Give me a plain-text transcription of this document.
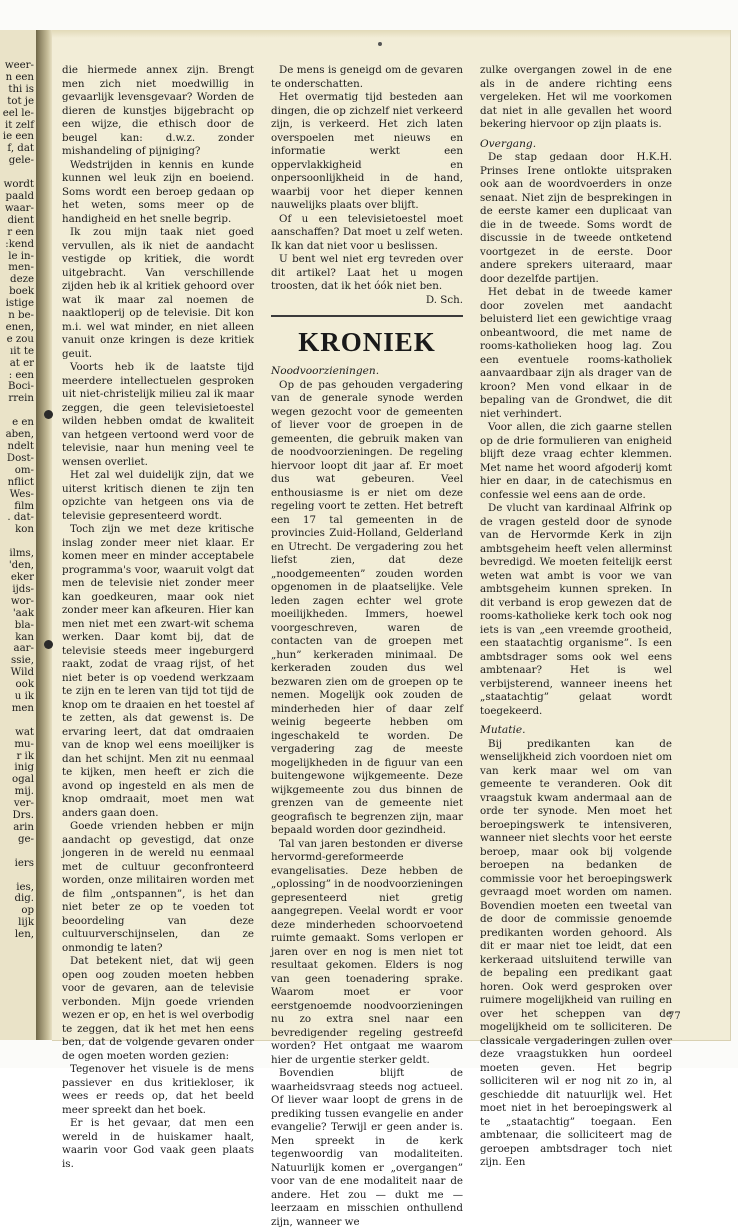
weer-
n een
thi is
tot je
eel le-
it zelf
ie een
f, dat
gele-

wordt
paald
waar-
dient
r een
:kend
le in-
men-
deze
boek
istige
n be-
enen,
e zou
ıit te
at er
: een
Boci-
rrein

e en
aben,
ndelt
Dost-
om-
nflict
Wes-
film
. dat-
kon

ilms,
'den,
eker
ijds-
wor-
'aak
bla-
kan
aar-
ssie,
Wild
ook
u ik
men

wat
mu-
r ik
inig
ogal
mij.
ver-
Drs.
arin
ge-

iers

ies,
dig.
op
lijk
len,

die hiermede annex zijn. Brengt men zich niet moedwillig in gevaarlijk levensgevaar? Worden de dieren de kunstjes bijgebracht op een wijze, die ethisch door de beugel kan: d.w.z. zonder mishandeling of pijniging?

Wedstrijden in kennis en kunde kunnen wel leuk zijn en boeiend. Soms wordt een beroep gedaan op het weten, soms meer op de handigheid en het snelle begrip.

Ik zou mijn taak niet goed vervullen, als ik niet de aandacht vestigde op kritiek, die wordt uitgebracht. Van verschillende zijden heb ik al kritiek gehoord over wat ik maar zal noemen de naaktloperij op de televisie. Dit kon m.i. wel wat minder, en niet alleen vanuit onze kringen is deze kritiek geuit.

Voorts heb ik de laatste tijd meerdere intellectuelen gesproken uit niet-christelijk milieu zal ik maar zeggen, die geen televisietoestel wilden hebben omdat de kwaliteit van hetgeen vertoond werd voor de televisie, naar hun mening veel te wensen overliet.

Het zal wel duidelijk zijn, dat we uiterst kritisch dienen te zijn ten opzichte van hetgeen ons via de televisie gepresenteerd wordt.

Toch zijn we met deze kritische inslag zonder meer niet klaar. Er komen meer en minder acceptabele programma's voor, waaruit volgt dat men de televisie niet zonder meer kan goedkeuren, maar ook niet zonder meer kan afkeuren. Hier kan men niet met een zwart-wit schema werken. Daar komt bij, dat de televisie steeds meer ingeburgerd raakt, zodat de vraag rijst, of het niet beter is op voedend werkzaam te zijn en te leren van tijd tot tijd de knop om te draaien en het toestel af te zetten, als dat gewenst is. De ervaring leert, dat dat omdraaien van de knop wel eens moeilijker is dan het schijnt. Men zit nu eenmaal te kijken, men heeft er zich die avond op ingesteld en als men de knop omdraait, moet men wat anders gaan doen.

Goede vrienden hebben er mijn aandacht op gevestigd, dat onze jongeren in de wereld nu eenmaal met de cultuur geconfronteerd worden, onze militairen worden met de film „ontspannen”, is het dan niet beter ze op te voeden tot beoordeling van deze cultuurverschijnselen, dan ze onmondig te laten?

Dat betekent niet, dat wij geen open oog zouden moeten hebben voor de gevaren, aan de televisie verbonden. Mijn goede vrienden wezen er op, en het is wel overbodig te zeggen, dat ik het met hen eens ben, dat de volgende gevaren onder de ogen moeten worden gezien:

Tegenover het visuele is de mens passiever en dus kritiekloser, ik wees er reeds op, dat het beeld meer spreekt dan het boek.

Er is het gevaar, dat men een wereld in de huiskamer haalt, waarin voor God vaak geen plaats is.

De mens is geneigd om de gevaren te onderschatten.

Het overmatig tijd besteden aan dingen, die op zichzelf niet verkeerd zijn, is verkeerd. Het zich laten overspoelen met nieuws en informatie werkt een oppervlakkigheid en onpersoonlijkheid in de hand, waarbij voor het dieper kennen nauwelijks plaats over blijft.

Of u een televisietoestel moet aanschaffen? Dat moet u zelf weten. Ik kan dat niet voor u beslissen.

U bent wel niet erg tevreden over dit artikel? Laat het u mogen troosten, dat ik het óók niet ben.

D. Sch.

KRONIEK
Noodvoorzieningen.

Op de pas gehouden vergadering van de generale synode werden wegen gezocht voor de gemeenten of liever voor de groepen in de gemeenten, die gebruik maken van de noodvoorzieningen. De regeling hiervoor loopt dit jaar af. Er moet dus wat gebeuren. Veel enthousiasme is er niet om deze regeling voort te zetten. Het betreft een 17 tal gemeenten in de provincies Zuid-Holland, Gelderland en Utrecht. De vergadering zou het liefst zien, dat deze „noodgemeenten” zouden worden opgenomen in de plaatselijke. Vele leden zagen echter wel grote moeilijkheden. Immers, hoewel voorgeschreven, waren de contacten van de groepen met „hun” kerkeraden minimaal. De kerkeraden zouden dus wel bezwaren zien om de groepen op te nemen. Mogelijk ook zouden de minderheden hier of daar zelf weinig begeerte hebben om ingeschakeld te worden. De vergadering zag de meeste mogelijkheden in de figuur van een buitengewone wijkgemeente. Deze wijkgemeente zou dus binnen de grenzen van de gemeente niet geografisch te begrenzen zijn, maar bepaald worden door gezindheid.

Tal van jaren bestonden er diverse hervormd-gereformeerde evangelisaties. Deze hebben de „oplossing” in de noodvoorzieningen gepresenteerd niet gretig aangegrepen. Veelal wordt er voor deze minderheden schoorvoetend ruimte gemaakt. Soms verlopen er jaren over en nog is men niet tot resultaat gekomen. Elders is nog van geen toenadering sprake. Waarom moet er voor eerstgenoemde noodvoorzieningen nu zo extra snel naar een bevredigender regeling gestreefd worden? Het ontgaat me waarom hier de urgentie sterker geldt.

Bovendien blijft de waarheidsvraag steeds nog actueel. Of liever waar loopt de grens in de prediking tussen evangelie en ander evangelie? Terwijl er geen ander is. Men spreekt in de kerk tegenwoordig van modaliteiten. Natuurlijk komen er „overgangen” voor van de ene modaliteit naar de andere. Het zou — dukt me — leerzaam en misschien onthullend zijn, wanneer we

zulke overgangen zowel in de ene als in de andere richting eens vergeleken. Het wil me voorkomen dat niet in alle gevallen het woord bekering hiervoor op zijn plaats is.

Overgang.

De stap gedaan door H.K.H. Prinses Irene ontlokte uitspraken ook aan de woordvoerders in onze senaat. Niet zijn de besprekingen in de eerste kamer een duplicaat van die in de tweede. Soms wordt de discussie in de tweede ontketend voortgezet in de eerste. Door andere sprekers uiteraard, maar door dezelfde partijen.

Het debat in de tweede kamer door zovelen met aandacht beluisterd liet een gewichtige vraag onbeantwoord, die met name de rooms-katholieken hoog lag. Zou een eventuele rooms-katholiek aanvaardbaar zijn als drager van de kroon? Men vond elkaar in de bepaling van de Grondwet, die dit niet verhindert.

Voor allen, die zich gaarne stellen op de drie formulieren van enigheid blijft deze vraag echter klemmen. Met name het woord afgoderij komt hier en daar, in de catechismus en confessie wel eens aan de orde.

De vlucht van kardinaal Alfrink op de vragen gesteld door de synode van de Hervormde Kerk in zijn ambtsgeheim heeft velen allerminst bevredigd. We moeten feitelijk eerst weten wat ambt is voor we van ambtsgeheim kunnen spreken. In dit verband is erop gewezen dat de rooms-katholieke kerk toch ook nog iets is van „een vreemde grootheid, een staatachtig organisme”. Is een ambtsdrager soms ook wel eens ambtenaar? Het is wel verbijsterend, wanneer ineens het „staatachtig” gelaat wordt toegekeerd.

Mutatie.

Bij predikanten kan de wenselijkheid zich voordoen niet om van kerk maar wel om van gemeente te veranderen. Ook dit vraagstuk kwam andermaal aan de orde ter synode. Men moet het beroepingswerk te intensiveren, wanneer niet slechts voor het eerste beroep, maar ook bij volgende beroepen na bedanken de commissie voor het beroepingswerk gevraagd moet worden om namen. Bovendien moeten een tweetal van de door de commissie genoemde predikanten worden gehoord. Als dit er maar niet toe leidt, dat een kerkeraad uitsluitend terwille van de bepaling een predikant gaat horen. Ook werd gesproken over ruimere mogelijkheid van ruiling en over het scheppen van de mogelijkheid om te solliciteren. De classicale vergaderingen zullen over deze vraagstukken hun oordeel moeten geven. Het begrip solliciteren wil er nog nit zo in, al geschiedde dit natuurlijk wel. Het moet niet in het beroepingswerk al te „staatachtig” toegaan. Een ambtenaar, die solliciteert mag de geroepen ambtsdrager toch niet zijn. Een

77
